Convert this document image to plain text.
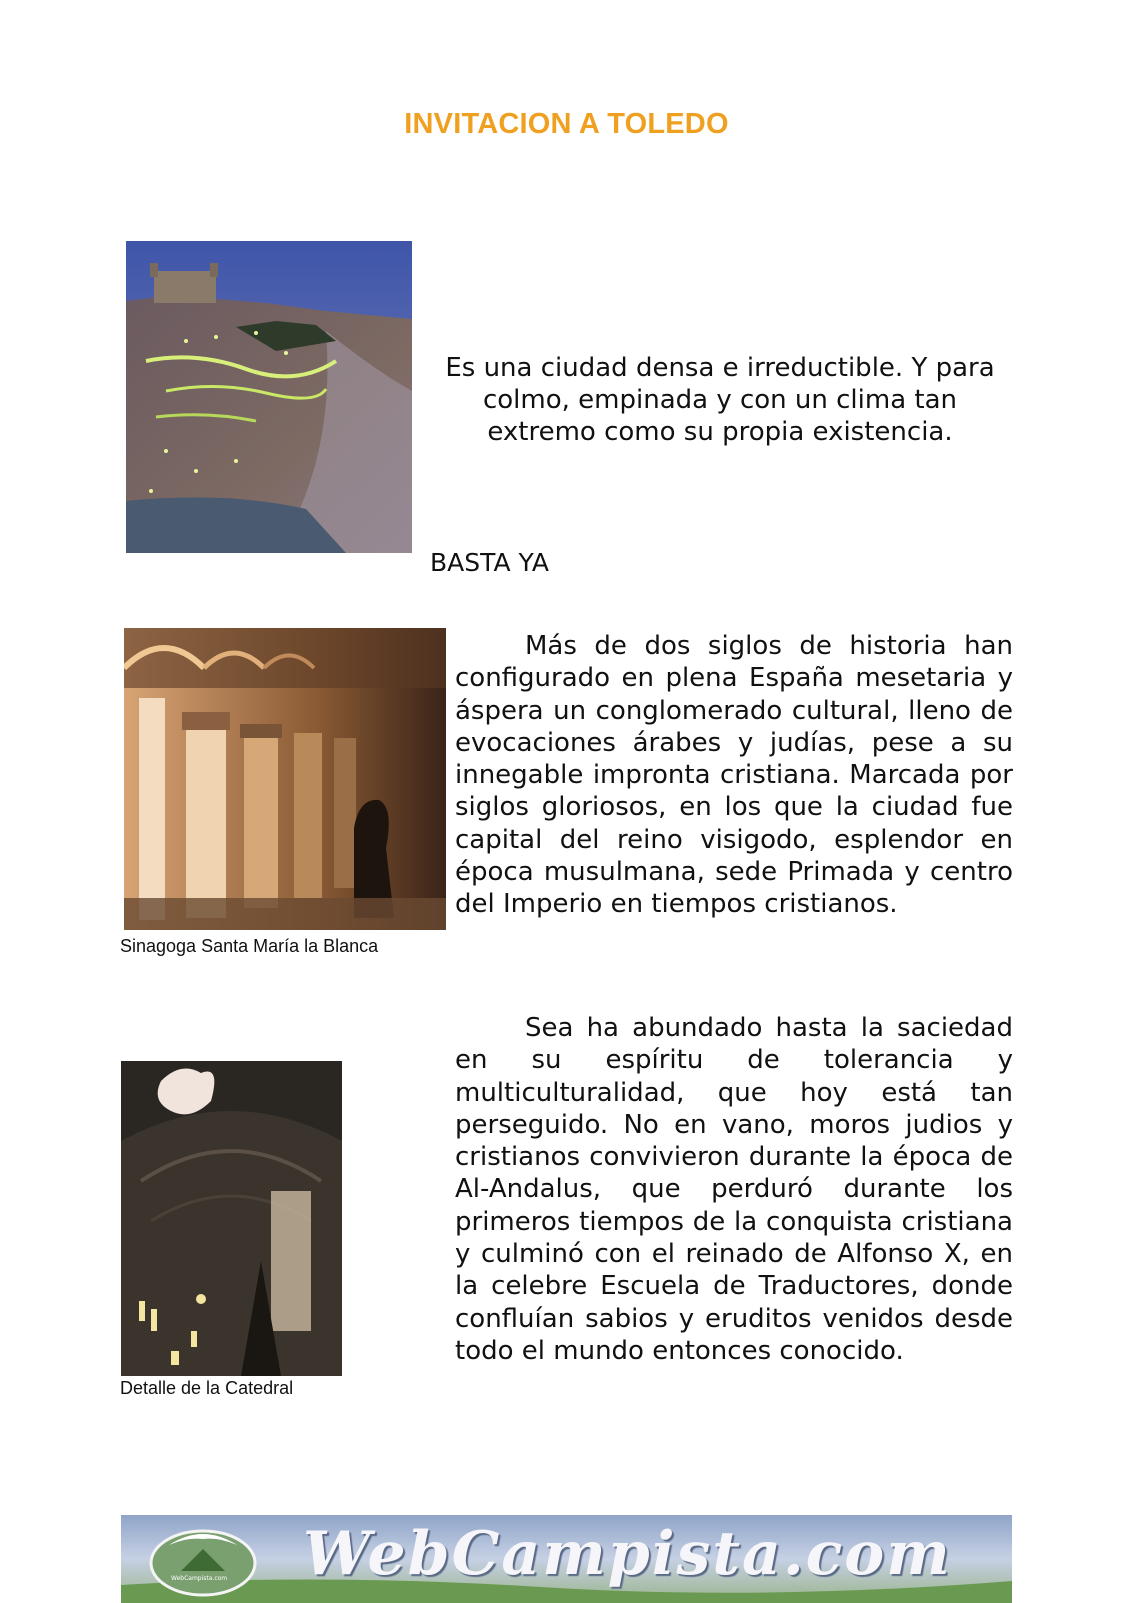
INVITACION A TOLEDO
Es una ciudad densa e irreductible. Y para colmo, empinada y con un clima tan extremo como su propia existencia.
BASTA YA
Más de dos siglos de historia han configurado en plena España mesetaria y áspera un conglomerado cultural, lleno de evocaciones árabes y judías, pese a su innegable impronta cristiana. Marcada por siglos gloriosos, en los que la ciudad fue capital del reino visigodo, esplendor en época musulmana, sede Primada y centro del Imperio en tiempos cristianos.
Sinagoga Santa María la Blanca
Sea ha abundado hasta la saciedad en su espíritu de tolerancia y multiculturalidad, que hoy está tan perseguido. No en vano, moros judios y cristianos convivieron durante la época de Al-Andalus, que perduró durante los primeros tiempos de la conquista cristiana y culminó con el reinado de Alfonso X, en la celebre Escuela de Traductores, donde confluían sabios y eruditos venidos desde todo el mundo entonces conocido.
Detalle de la Catedral
WebCampista.com WebCampista.com
